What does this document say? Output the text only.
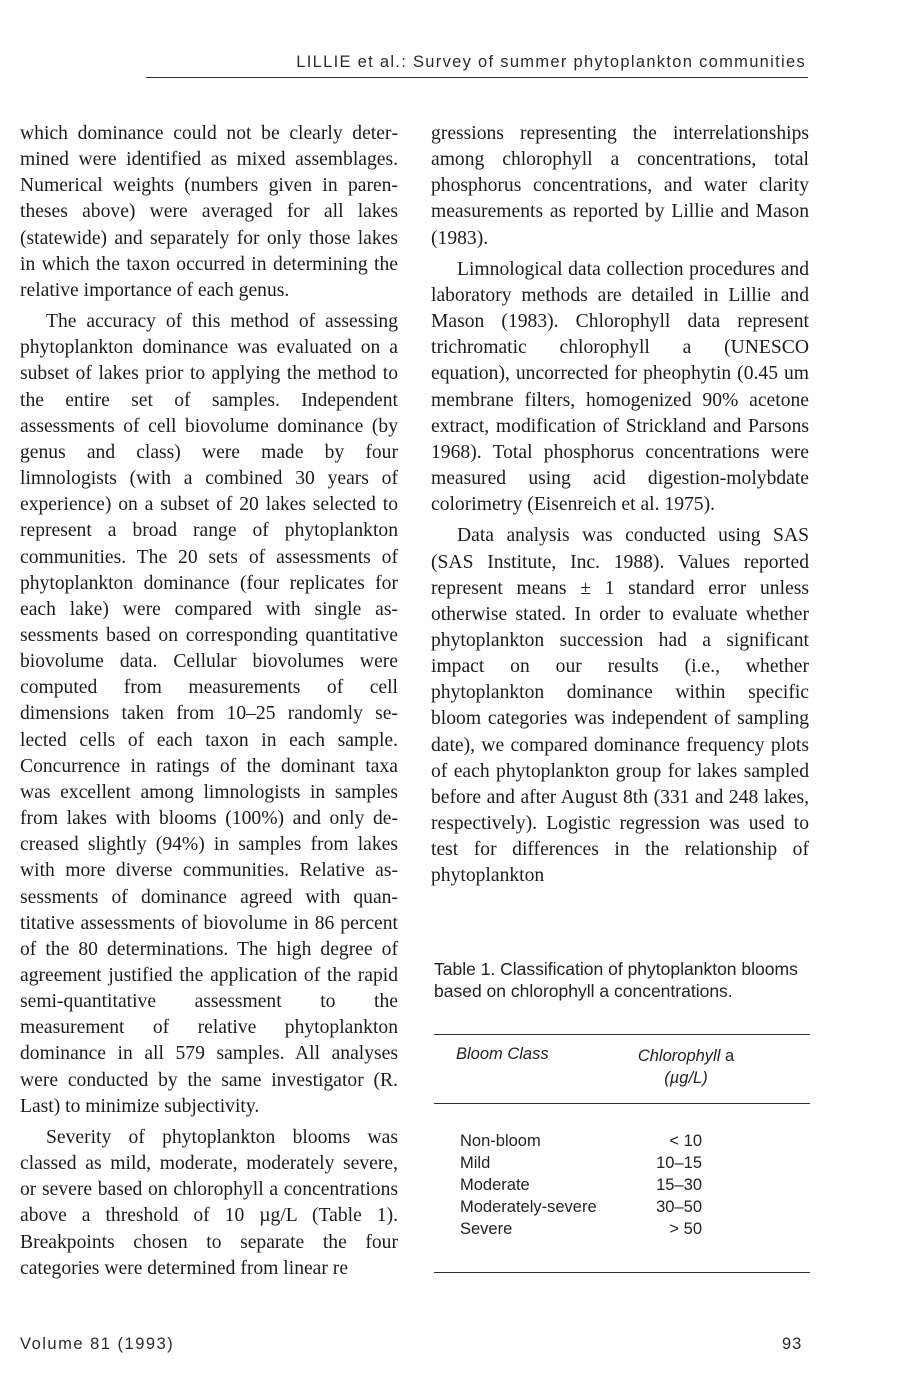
LILLIE et al.: Survey of summer phytoplankton communities

which dominance could not be clearly determined were identified as mixed assemblages. Numerical weights (numbers given in parentheses above) were averaged for all lakes (statewide) and separately for only those lakes in which the taxon occurred in determining the relative importance of each genus.

The accuracy of this method of assessing phytoplankton dominance was evaluated on a subset of lakes prior to applying the method to the entire set of samples. Independent assessments of cell biovolume dominance (by genus and class) were made by four limnologists (with a combined 30 years of experience) on a subset of 20 lakes selected to represent a broad range of phytoplankton communities. The 20 sets of assessments of phytoplankton dominance (four replicates for each lake) were compared with single assessments based on corresponding quantitative biovolume data. Cellular biovolumes were computed from measurements of cell dimensions taken from 10–25 randomly selected cells of each taxon in each sample. Concurrence in ratings of the dominant taxa was excellent among limnologists in samples from lakes with blooms (100%) and only decreased slightly (94%) in samples from lakes with more diverse communities. Relative assessments of dominance agreed with quantitative assessments of biovolume in 86 percent of the 80 determinations. The high degree of agreement justified the application of the rapid semi-quantitative assessment to the measurement of relative phytoplankton dominance in all 579 samples. All analyses were conducted by the same investigator (R. Last) to minimize subjectivity.

Severity of phytoplankton blooms was classed as mild, moderate, moderately severe, or severe based on chlorophyll a concentrations above a threshold of 10 µg/L (Table 1). Breakpoints chosen to separate the four categories were determined from linear re

gressions representing the interrelationships among chlorophyll a concentrations, total phosphorus concentrations, and water clarity measurements as reported by Lillie and Mason (1983).

Limnological data collection procedures and laboratory methods are detailed in Lillie and Mason (1983). Chlorophyll data represent trichromatic chlorophyll a (UNESCO equation), uncorrected for pheophytin (0.45 um membrane filters, homogenized 90% acetone extract, modification of Strickland and Parsons 1968). Total phosphorus concentrations were measured using acid digestion-molybdate colorimetry (Eisenreich et al. 1975).

Data analysis was conducted using SAS (SAS Institute, Inc. 1988). Values reported represent means ± 1 standard error unless otherwise stated. In order to evaluate whether phytoplankton succession had a significant impact on our results (i.e., whether phytoplankton dominance within specific bloom categories was independent of sampling date), we compared dominance frequency plots of each phytoplankton group for lakes sampled before and after August 8th (331 and 248 lakes, respectively). Logistic regression was used to test for differences in the relationship of phytoplankton

Table 1. Classification of phytoplankton blooms based on chlorophyll a concentrations.
Bloom Class	Chlorophyll a
(µg/L)
Non-bloom	< 10
Mild	10–15
Moderate	15–30
Moderately-severe	30–50
Severe	> 50
Volume 81 (1993)	93
